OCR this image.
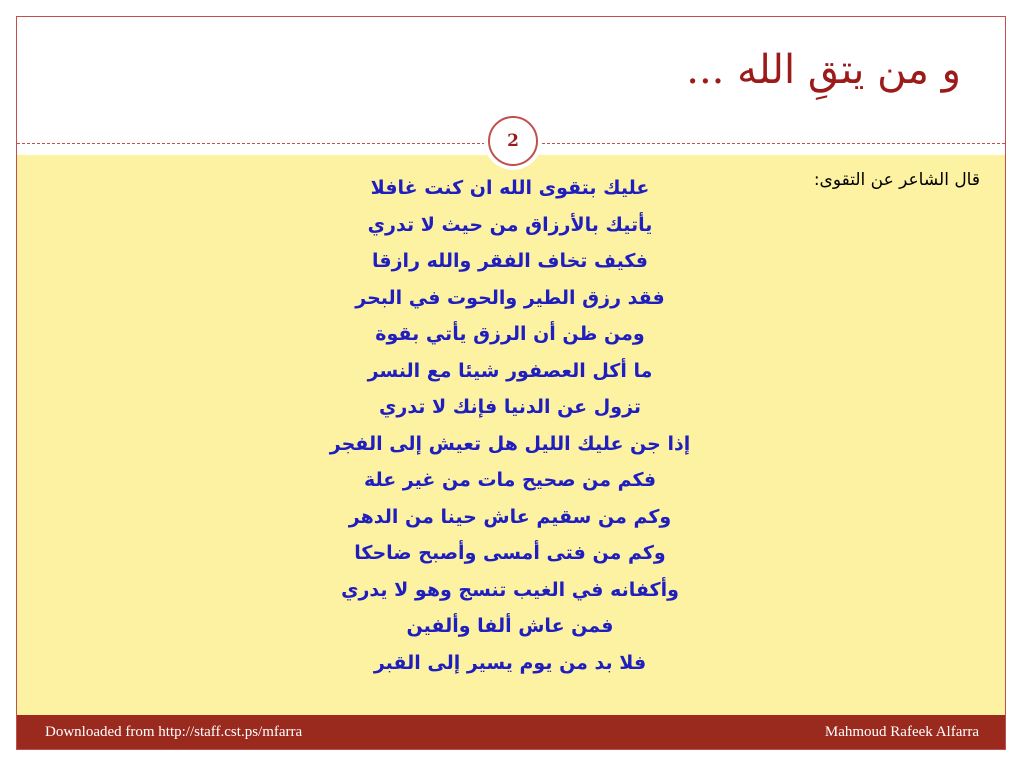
و من يتقِ الله ...
2
قال الشاعر عن التقوى:
عليك بتقوى الله ان كنت غافلا
يأتيك بالأرزاق من حيث لا تدري
فكيف تخاف الفقر والله رازقا
فقد رزق الطير والحوت في البحر
ومن ظن أن الرزق يأتي بقوة
ما أكل العصفور شيئا مع النسر
تزول عن الدنيا فإنك لا تدري
إذا جن عليك الليل هل تعيش إلى الفجر
فكم من صحيح مات من غير علة
وكم من سقيم عاش حينا من الدهر
وكم من فتى أمسى وأصبح ضاحكا
وأكفانه في الغيب تنسج وهو لا يدري
فمن عاش ألفا وألفين
فلا بد من يوم يسير إلى القبر
Downloaded from http://staff.cst.ps/mfarra	Mahmoud Rafeek Alfarra
